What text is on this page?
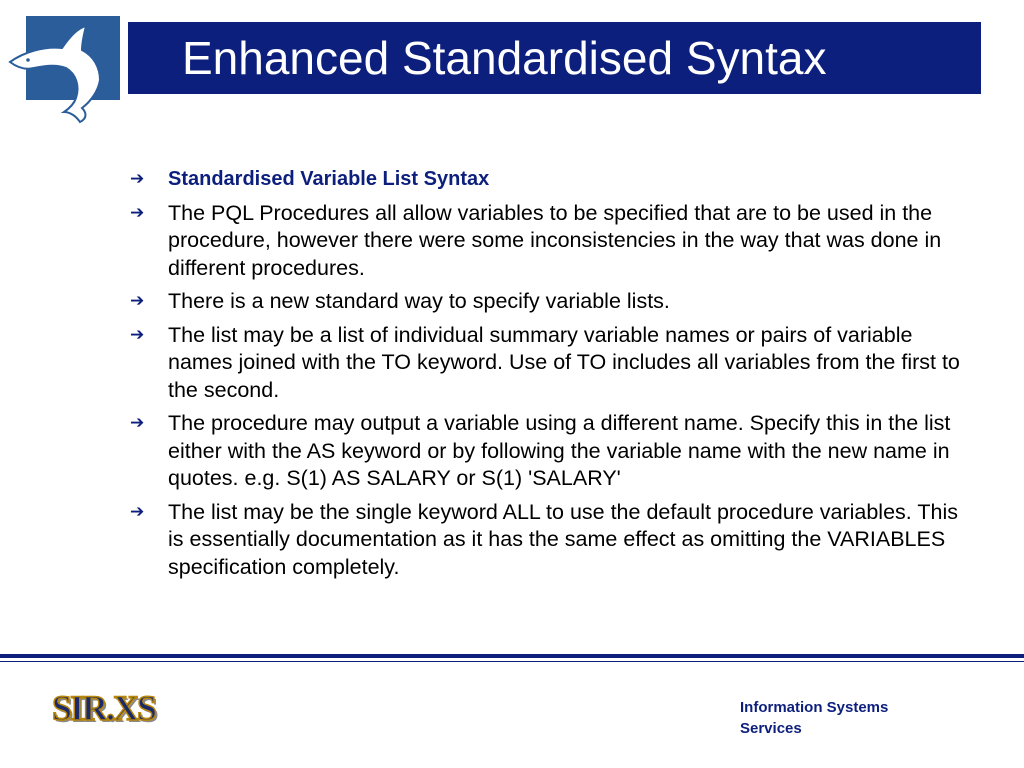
Enhanced Standardised Syntax
➔	Standardised Variable List Syntax
➔	The PQL Procedures all allow variables to be specified that are to be used in the procedure, however there were some inconsistencies in the way that was done in different procedures.
➔	There is a new standard way to specify variable lists.
➔	The list may be a list of individual summary variable names or pairs of variable names joined with the TO keyword. Use of TO includes all variables from the first to the second.
➔	The procedure may output a variable using a different name. Specify this in the list either with the AS keyword or by following the variable name with the new name in quotes. e.g. S(1) AS SALARY or S(1) 'SALARY'
➔	The list may be the single keyword ALL to use the default procedure variables. This is essentially documentation as it has the same effect as omitting the VARIABLES specification completely.
SIR.XS	Information Systems
Services
